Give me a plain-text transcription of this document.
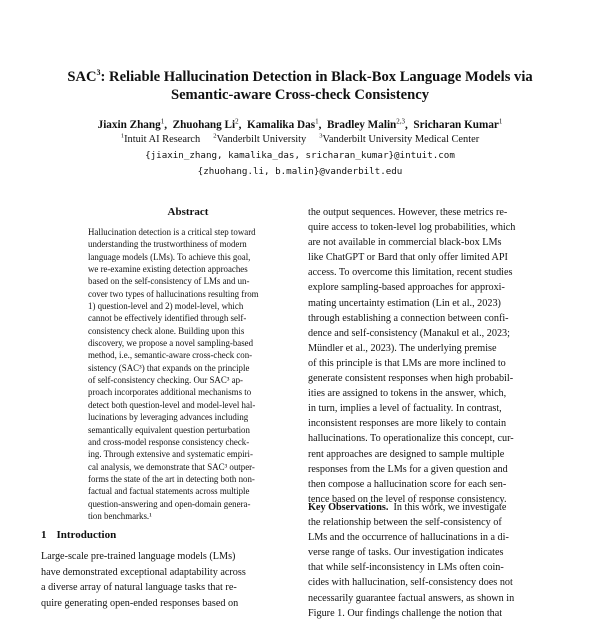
SAC$^3$: Reliable Hallucination Detection in Black-Box Language Models via
Semantic-aware Cross-check Consistency
Jiaxin Zhang$^1$,  Zhuohang Li$^2$,  Kamalika Das$^1$,  Bradley Malin$^{2,3}$,  Sricharan Kumar$^1$
$^1$Intuit AI Research $^2$Vanderbilt University $^3$Vanderbilt University Medical Center
{jiaxin_zhang, kamalika_das, sricharan_kumar}@intuit.com
{zhuohang.li, b.malin}@vanderbilt.edu
Abstract
Hallucination detection is a critical step toward
understanding the trustworthiness of modern
language models (LMs). To achieve this goal,
we re-examine existing detection approaches
based on the self-consistency of LMs and un-
cover two types of hallucinations resulting from
1) question-level and 2) model-level, which
cannot be effectively identified through self-
consistency check alone. Building upon this
discovery, we propose a novel sampling-based
method, i.e., semantic-aware cross-check con-
sistency (SAC³) that expands on the principle
of self-consistency checking. Our SAC³ ap-
proach incorporates additional mechanisms to
detect both question-level and model-level hal-
lucinations by leveraging advances including
semantically equivalent question perturbation
and cross-model response consistency check-
ing. Through extensive and systematic empiri-
cal analysis, we demonstrate that SAC³ outper-
forms the state of the art in detecting both non-
factual and factual statements across multiple
question-answering and open-domain genera-
tion benchmarks.¹
1 Introduction
Large-scale pre-trained language models (LMs)
have demonstrated exceptional adaptability across
a diverse array of natural language tasks that re-
quire generating open-ended responses based on
the output sequences. However, these metrics re-
quire access to token-level log probabilities, which
are not available in commercial black-box LMs
like ChatGPT or Bard that only offer limited API
access. To overcome this limitation, recent studies
explore sampling-based approaches for approxi-
mating uncertainty estimation (Lin et al., 2023)
through establishing a connection between confi-
dence and self-consistency (Manakul et al., 2023;
Mündler et al., 2023). The underlying premise
of this principle is that LMs are more inclined to
generate consistent responses when high probabil-
ities are assigned to tokens in the answer, which,
in turn, implies a level of factuality. In contrast,
inconsistent responses are more likely to contain
hallucinations. To operationalize this concept, cur-
rent approaches are designed to sample multiple
responses from the LMs for a given question and
then compose a hallucination score for each sen-
tence based on the level of response consistency.
Key Observations. In this work, we investigate
the relationship between the self-consistency of
LMs and the occurrence of hallucinations in a di-
verse range of tasks. Our investigation indicates
that while self-inconsistency in LMs often coin-
cides with hallucination, self-consistency does not
necessarily guarantee factual answers, as shown in
Figure 1. Our findings challenge the notion that
